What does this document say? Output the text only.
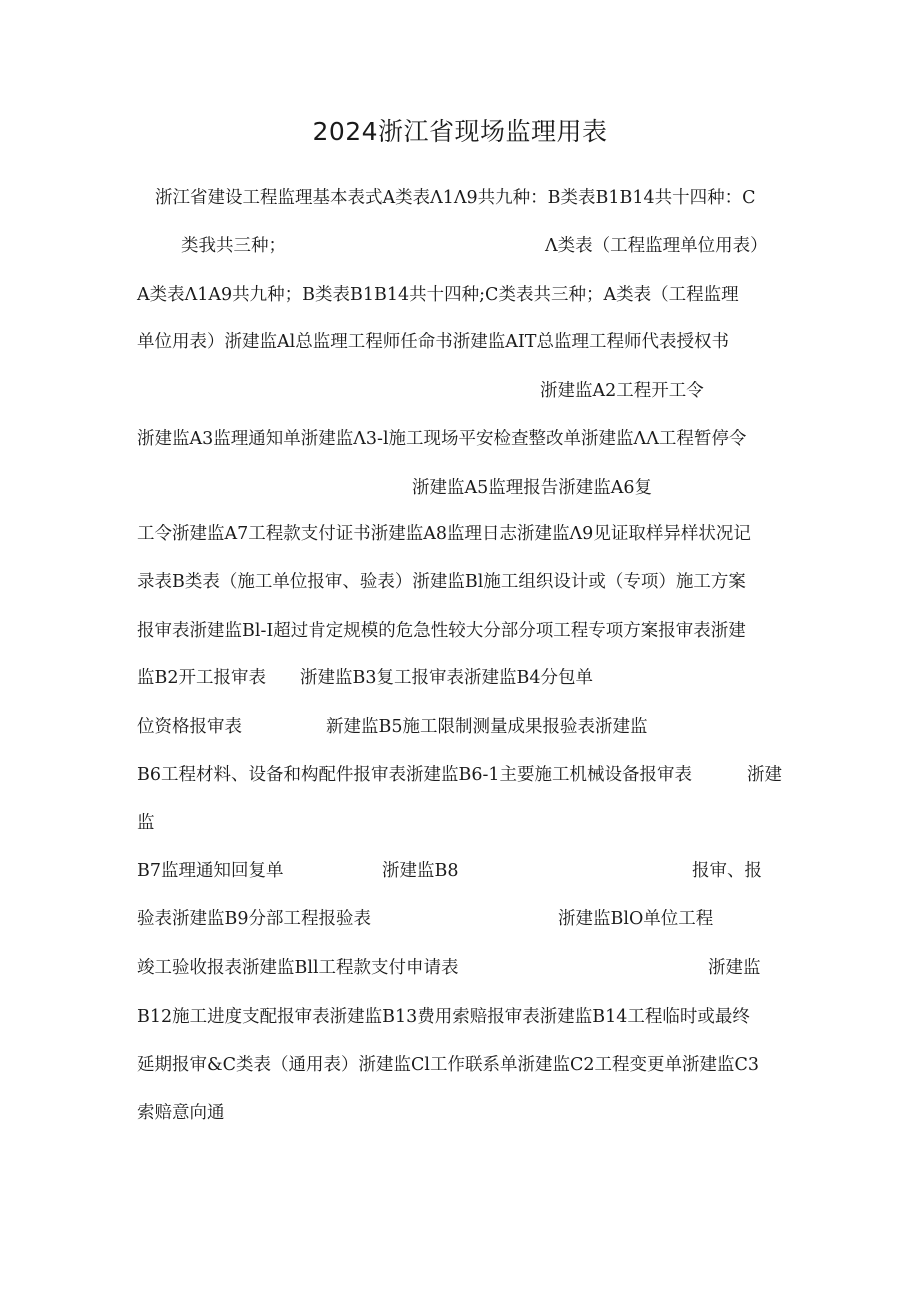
2024浙江省现场监理用表
浙江省建设工程监理基本表式A类表Λ1Λ9共九种：B类表B1B14共十四种：C
类我共三种；	Λ类表（工程监理单位用表）
A类表Λ1A9共九种；B类表B1B14共十四种;C类表共三种；A类表（工程监理
单位用表）浙建监Al总监理工程师任命书浙建监AIT总监理工程师代表授权书
浙建监A2工程开工令
浙建监A3监理通知单浙建监Λ3-l施工现场平安检查整改单浙建监ΛΛ工程暂停令
浙建监A5监理报告浙建监A6复
工令浙建监A7工程款支付证书浙建监A8监理日志浙建监Λ9见证取样异样状况记
录表B类表（施工单位报审、验表）浙建监Bl施工组织设计或（专项）施工方案
报审表浙建监Bl-I超过肯定规模的危急性较大分部分项工程专项方案报审表浙建
监B2开工报审表 浙建监B3复工报审表浙建监B4分包单
位资格报审表	新建监B5施工限制测量成果报验表浙建监
B6工程材料、设备和构配件报审表浙建监B6-1主要施工机械设备报审表	浙建
监
B7监理通知回复单	浙建监B8	报审、报
验表浙建监B9分部工程报验表	浙建监BlO单位工程
竣工验收报表浙建监Bll工程款支付申请表	浙建监
B12施工进度支配报审表浙建监B13费用索赔报审表浙建监B14工程临时或最终
延期报审&C类表（通用表）浙建监Cl工作联系单浙建监C2工程变更单浙建监C3
索赔意向通
